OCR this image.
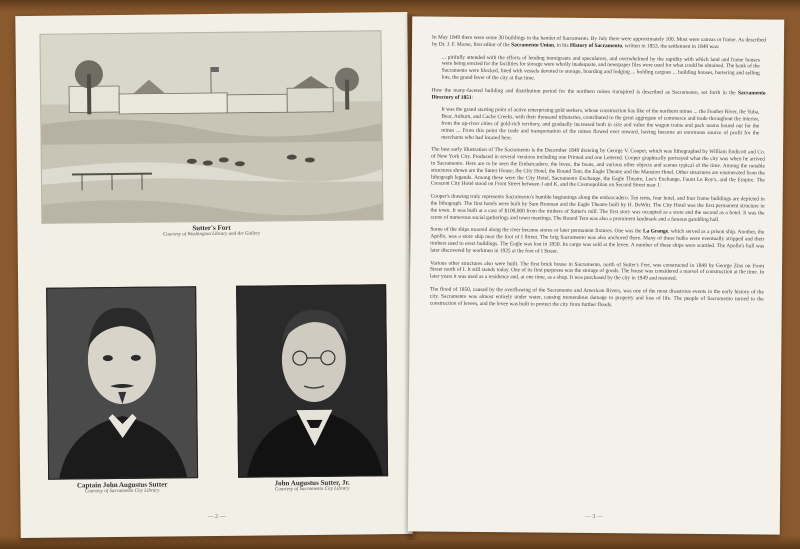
Sutter's Fort
Courtesy of Washington Library and Art Gallery
Captain John Augustus Sutter
Courtesy of Sacramento City Library
John Augustus Sutter, Jr.
Courtesy of Sacramento City Library
— 2 —

In May 1849 there were some 30 buildings in the hamlet of Sacramento. By July there were approximately 100. Most were canvas or frame. As described by Dr. J. F. Morse, first editor of the Sacramento Union, in his History of Sacramento, written in 1853, the settlement in 1849 was:

... pitifully attended with the efforts of lending immigrants and speculators, and overwhelmed by the rapidity with which land and frame houses were being erected for the facilities for storage were wholly inadequate, and newspaper files were used for what could be obtained. The bank of the Sacramento were blocked, lined with vessels devoted to storage, boarding and lodging ... holding cargoes ... building houses, bartering and selling lots, the grand fever of the city at that time.

How the many-faceted building and distribution period for the northern mines transpired is described as Sacramento, set forth in the Sacramento Directory of 1851:

It was the grand starting point of active enterprising gold seekers, whose construction has like of the northern mines ... the Feather River, the Yuba, Bear, Auburn, and Cache Creeks, with their thousand tributaries, contributed to the great aggregate of commerce and trade throughout the interior, from the up-river cities of gold-rich territory, and gradually increased both in size and value the wagon trains and pack teams bound out for the mines ... From this point the trade and transportation of the mines flowed ever onward, having become an enormous source of profit for the merchants who had located here.

The best early illustration of The Sacramento is the December 1849 drawing by George V. Cooper, which was lithographed by William Endicott and Co. of New York City. Produced in several versions including one Printed and one Lettered. Cooper graphically portrayed what the city was when he arrived in Sacramento. Here are to be seen the Embarcadero, the levee, the boats, and various other objects and scenes typical of the time. Among the notable structures shown are the Sutter House, the City Hotel, the Round Tent, the Eagle Theatre and the Mansion Hotel. Other structures are enumerated from the lithograph legends. Among these were the City Hotel, Sacramento Exchange, the Eagle Theatre, Lee's Exchange, Faunt Le Roy's, and the Empire. The Crescent City Hotel stood on Front Street between J and K, and the Cosmopolitan on Second Street near J.

Cooper's drawing truly represents Sacramento's humble beginnings along the embarcadero. Ten tents, four hotel, and four frame buildings are depicted in the lithograph. The first hotels were built by Sam Brannan and the Eagle Theatre built by H. DeWitt. The City Hotel was the first permanent structure in the town. It was built at a cost of $100,000 from the timbers of Sutter's mill. The first story was occupied as a store and the second as a hotel. It was the scene of numerous social gatherings and town meetings. The Round Tent was also a prominent landmark and a famous gambling hall.

Some of the ships moored along the river became stores or later permanent fixtures. One was the La Grange, which served as a prison ship. Another, the Apollo, was a store ship near the foot of I Street. The brig Sacramento was also anchored there. Many of these hulks were eventually stripped and their timbers used to erect buildings. The Eagle was lost in 1850. Its cargo was sold at the levee. A number of these ships were scuttled. The Apollo's hull was later discovered by workmen in 1925 at the foot of I Street.

Various other structures also were built. The first brick house in Sacramento, north of Sutter's Fort, was constructed in 1849 by George Zins on Front Street north of I. It still stands today. One of its first purposes was the storage of goods. The house was considered a marvel of construction at the time. In later years it was used as a residence and, at one time, as a shop. It was purchased by the city in 1949 and restored.

The flood of 1850, caused by the overflowing of the Sacramento and American Rivers, was one of the most disastrous events in the early history of the city. Sacramento was almost entirely under water, causing tremendous damage to property and loss of life. The people of Sacramento turned to the construction of levees, and the levee was built to protect the city from further floods.

— 3 —
